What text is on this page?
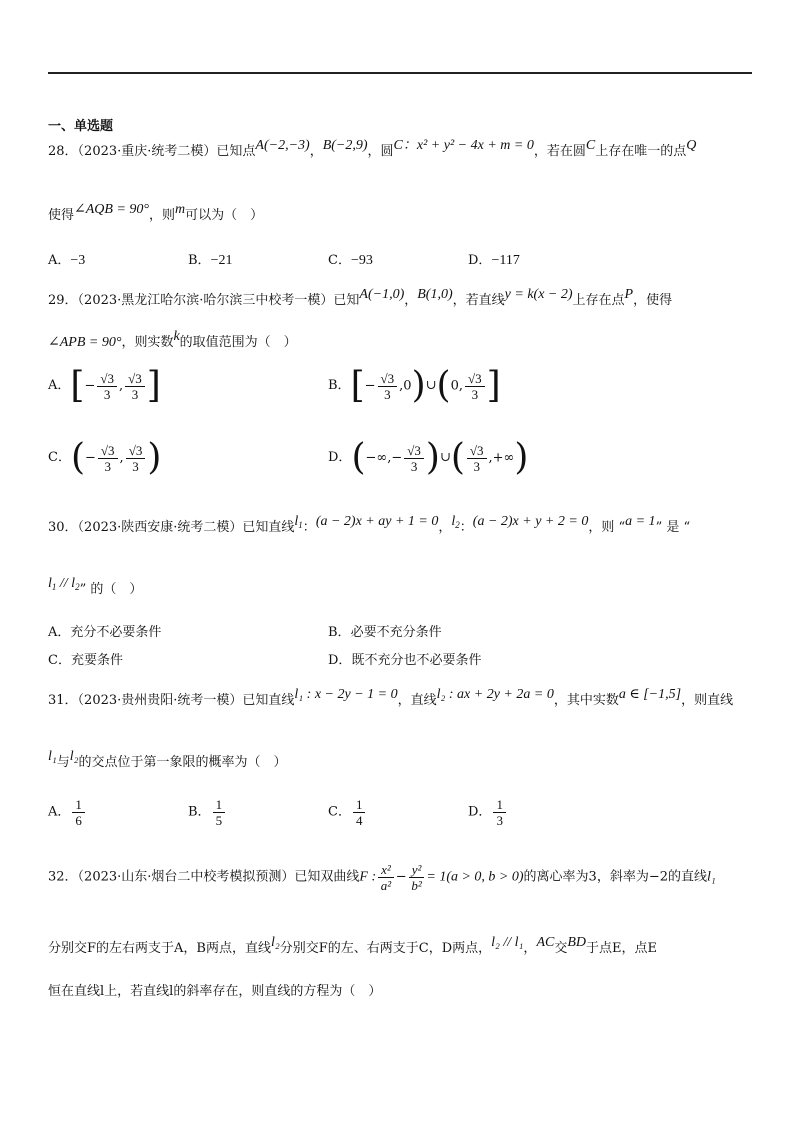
一、单选题
28．（2023·重庆·统考二模）已知点A(−2,−3)，B(−2,9)，圆C：x² + y² − 4x + m = 0，若在圆C上存在唯一的点Q
使得∠AQB = 90°，则m可以为（　）
A．−3	B．−21	C．−93	D．−117
29．（2023·黑龙江哈尔滨·哈尔滨三中校考一模）已知A(−1,0)，B(1,0)，若直线y = k(x − 2)上存在点P，使得
∠APB = 90°，则实数k的取值范围为（　）
A．[− √ $\frac{3}{3}$ , √ $\frac{3}{3}$ ]	B．[− √ $\frac{3}{3}$ ,0)∪(0, √ $\frac{3}{3}$ ]
C．(− √ $\frac{3}{3}$ , √ $\frac{3}{3}$ )	D．(−∞,− √ $\frac{3}{3}$ )∪( √ $\frac{3}{3}$ ,+∞)
30．（2023·陕西安康·统考二模）已知直线$l_1$：(a − 2)x + ay + 1 = 0，$l_2$：(a − 2)x + y + 2 = 0，则 “a = 1” 是 “
$l_1 // l_2$” 的（　）
A．充分不必要条件	B．必要不充分条件
C．充要条件	D．既不充分也不必要条件
31．（2023·贵州贵阳·统考一模）已知直线l₁ : x − 2y − 1 = 0，直线l₂ : ax + 2y + 2a = 0，其中实数a ∈ [−1,5]，则直线
l₁与l₂的交点位于第一象限的概率为（　）
A． $\frac{1}{6}$	B． $\frac{1}{5}$	C． $\frac{1}{4}$	D． $\frac{1}{3}$
32．（2023·山东·烟台二中校考模拟预测）已知双曲线F : $\frac{\text{x²}}{\text{a²}} - \frac{\text{y²}}{\text{b²}} = 1(a > 0$, b > 0)的离心率为3，斜率为−2的直线l₁
分别交F的左右两支于A，B两点，直线l₂分别交F的左、右两支于C，D两点，l₂ // l₁，AC交BD于点E，点E
恒在直线l上，若直线l的斜率存在，则直线的方程为（　）
